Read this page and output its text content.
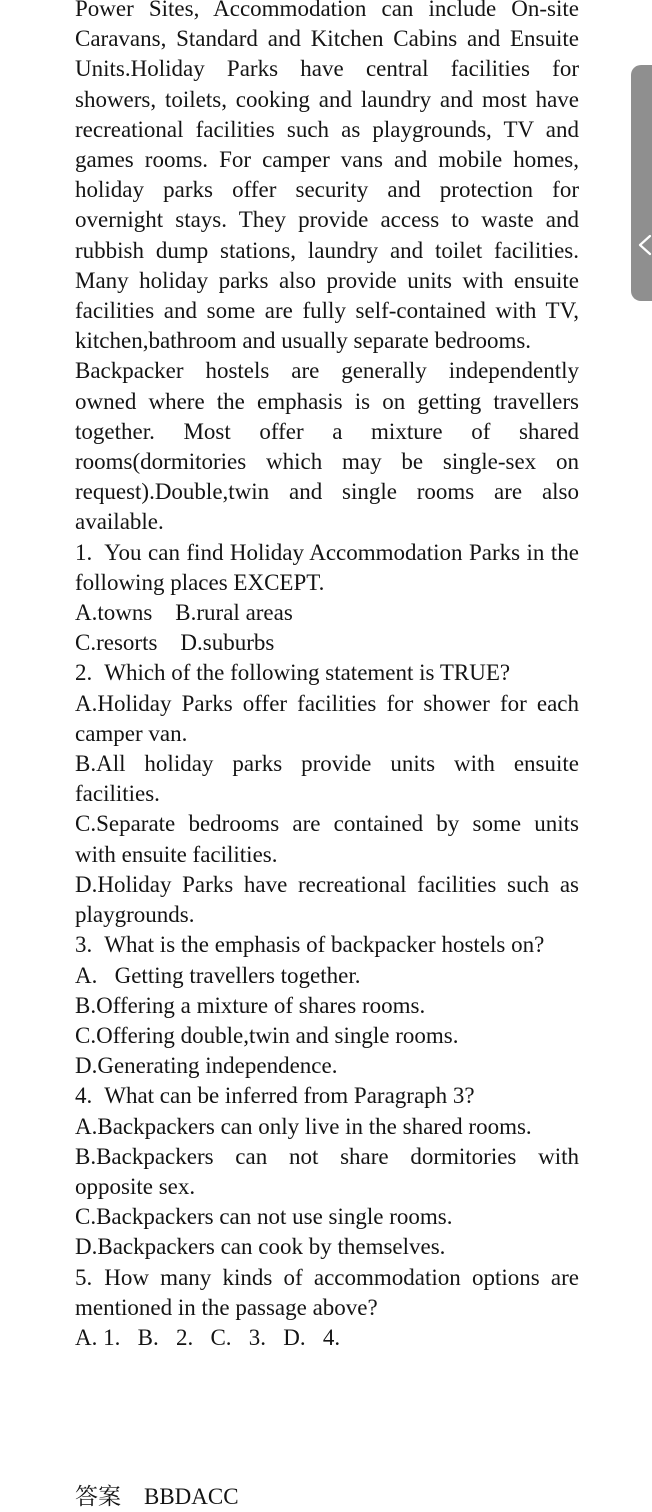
Power Sites, Accommodation can include On-site Caravans, Standard and Kitchen Cabins and Ensuite Units.Holiday Parks have central facilities for showers, toilets, cooking and laundry and most have recreational facilities such as playgrounds, TV and games rooms. For camper vans and mobile homes, holiday parks offer security and protection for overnight stays. They provide access to waste and rubbish dump stations, laundry and toilet facilities. Many holiday parks also provide units with ensuite facilities and some are fully self-contained with TV, kitchen,bathroom and usually separate bedrooms.

Backpacker hostels are generally independently owned where the emphasis is on getting travellers together. Most offer a mixture of shared rooms(dormitories which may be single-sex on request).Double,twin and single rooms are also available.

1. You can find Holiday Accommodation Parks in the following places EXCEPT.

A.towns    B.rural areas

C.resorts    D.suburbs

2. Which of the following statement is TRUE?

A.Holiday Parks offer facilities for shower for each camper van.

B.All holiday parks provide units with ensuite facilities.

C.Separate bedrooms are contained by some units with ensuite facilities.

D.Holiday Parks have recreational facilities such as playgrounds.

3. What is the emphasis of backpacker hostels on?

A.   Getting travellers together.

B.Offering a mixture of shares rooms.

C.Offering double,twin and single rooms.

D.Generating independence.

4. What can be inferred from Paragraph 3?

A.Backpackers can only live in the shared rooms.

B.Backpackers can not share dormitories with opposite sex.

C.Backpackers can not use single rooms.

D.Backpackers can cook by themselves.

5. How many kinds of accommodation options are mentioned in the passage above?

A. 1.   B.   2.   C.   3.   D.   4.

答案    BBDACC
